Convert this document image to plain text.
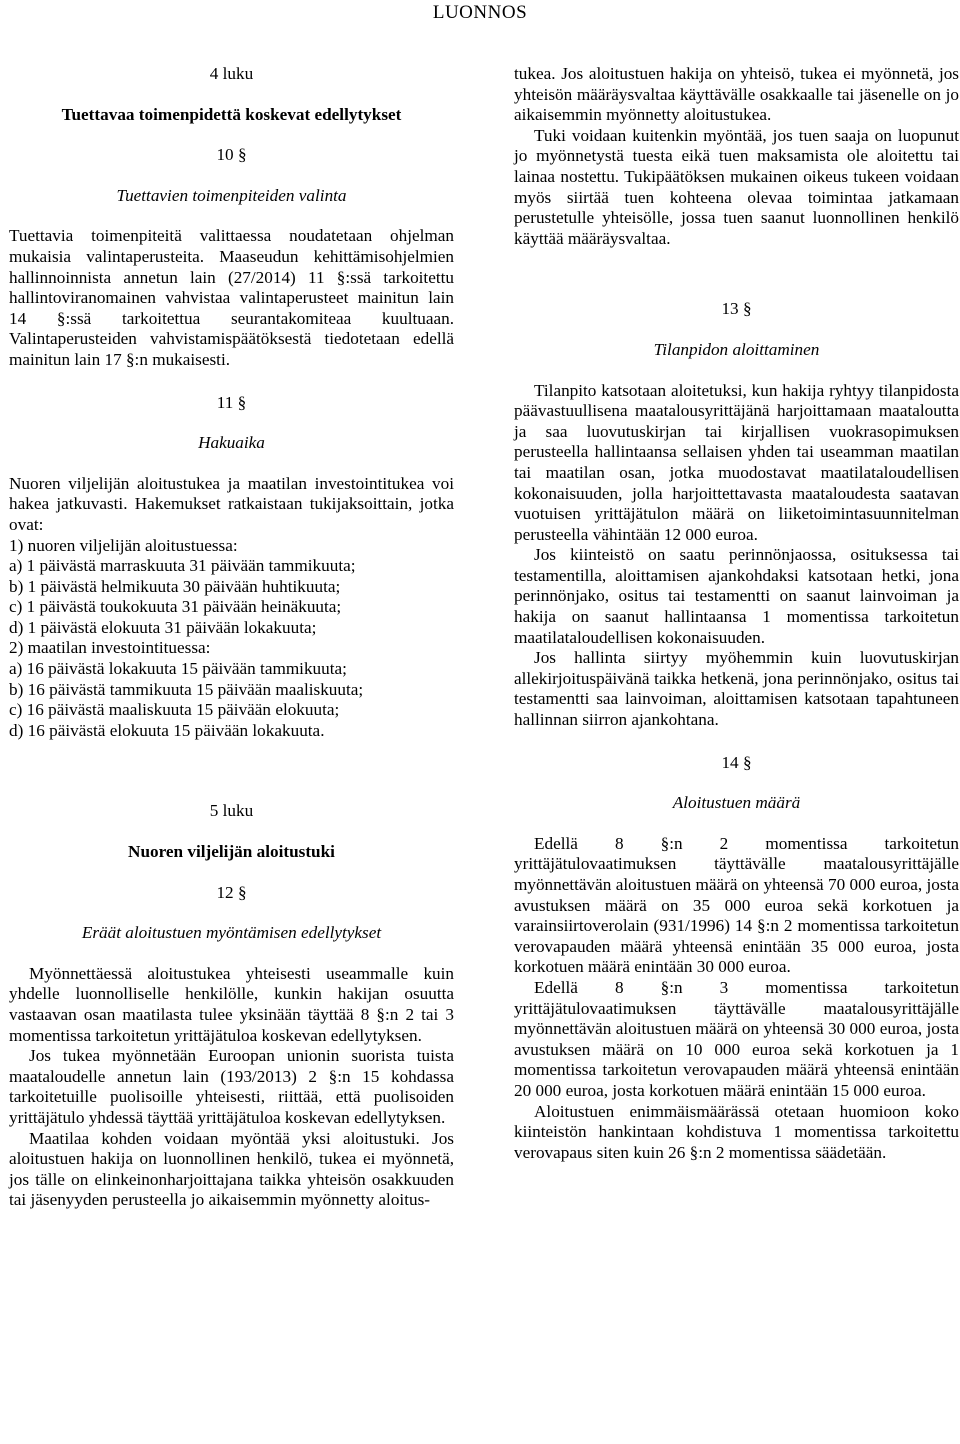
LUONNOS
4 luku
Tuettavaa toimenpidettä koskevat edellytykset
10 §
Tuettavien toimenpiteiden valinta

Tuettavia toimenpiteitä valittaessa noudatetaan ohjelman mukaisia valintaperusteita. Maaseudun kehittämisohjelmien hallinnoinnista annetun lain (27/2014) 11 §:ssä tarkoitettu hallintoviranomainen vahvistaa valintaperusteet mainitun lain 14 §:ssä tarkoitettua seurantakomiteaa kuultuaan. Valintaperusteiden vahvistamispäätöksestä tiedotetaan edellä mainitun lain 17 §:n mukaisesti.

11 §
Hakuaika

Nuoren viljelijän aloitustukea ja maatilan investointitukea voi hakea jatkuvasti. Hakemukset ratkaistaan tukijaksoittain, jotka ovat:

1) nuoren viljelijän aloitustuessa:
a) 1 päivästä marraskuuta 31 päivään tammikuuta;
b) 1 päivästä helmikuuta 30 päivään huhtikuuta;
c) 1 päivästä toukokuuta 31 päivään heinäkuuta;
d) 1 päivästä elokuuta 31 päivään lokakuuta;
2) maatilan investointituessa:
a) 16 päivästä lokakuuta 15 päivään tammikuuta;
b) 16 päivästä tammikuuta 15 päivään maaliskuuta;
c) 16 päivästä maaliskuuta 15 päivään elokuuta;
d) 16 päivästä elokuuta 15 päivään lokakuuta.
5 luku
Nuoren viljelijän aloitustuki
12 §
Eräät aloitustuen myöntämisen edellytykset

Myönnettäessä aloitustukea yhteisesti useammalle kuin yhdelle luonnolliselle henkilölle, kunkin hakijan osuutta vastaavan osan maatilasta tulee yksinään täyttää 8 §:n 2 tai 3 momentissa tarkoitetun yrittäjätuloa koskevan edellytyksen.

Jos tukea myönnetään Euroopan unionin suorista tuista maataloudelle annetun lain (193/2013) 2 §:n 15 kohdassa tarkoitetuille puolisoille yhteisesti, riittää, että puolisoiden yrittäjätulo yhdessä täyttää yrittäjätuloa koskevan edellytyksen.

Maatilaa kohden voidaan myöntää yksi aloitustuki. Jos aloitustuen hakija on luonnollinen henkilö, tukea ei myönnetä, jos tälle on elinkeinonharjoittajana taikka yhteisön osakkuuden tai jäsenyyden perusteella jo aikaisemmin myönnetty aloitus-

tukea. Jos aloitustuen hakija on yhteisö, tukea ei myönnetä, jos yhteisön määräysvaltaa käyttävälle osakkaalle tai jäsenelle on jo aikaisemmin myönnetty aloitustukea.

Tuki voidaan kuitenkin myöntää, jos tuen saaja on luopunut jo myönnetystä tuesta eikä tuen maksamista ole aloitettu tai lainaa nostettu. Tukipäätöksen mukainen oikeus tukeen voidaan myös siirtää tuen kohteena olevaa toimintaa jatkamaan perustetulle yhteisölle, jossa tuen saanut luonnollinen henkilö käyttää määräysvaltaa.

13 §
Tilanpidon aloittaminen

Tilanpito katsotaan aloitetuksi, kun hakija ryhtyy tilanpidosta päävastuullisena maatalousyrittäjänä harjoittamaan maataloutta ja saa luovutuskirjan tai kirjallisen vuokrasopimuksen perusteella hallintaansa sellaisen yhden tai useamman maatilan tai maatilan osan, jotka muodostavat maatilataloudellisen kokonaisuuden, jolla harjoittettavasta maataloudesta saatavan vuotuisen yrittäjätulon määrä on liiketoimintasuunnitelman perusteella vähintään 12 000 euroa.

Jos kiinteistö on saatu perinnönjaossa, osituksessa tai testamentilla, aloittamisen ajankohdaksi katsotaan hetki, jona perinnönjako, ositus tai testamentti on saanut lainvoiman ja hakija on saanut hallintaansa 1 momentissa tarkoitetun maatilataloudellisen kokonaisuuden.

Jos hallinta siirtyy myöhemmin kuin luovutuskirjan allekirjoituspäivänä taikka hetkenä, jona perinnönjako, ositus tai testamentti saa lainvoiman, aloittamisen katsotaan tapahtuneen hallinnan siirron ajankohtana.

14 §
Aloitustuen määrä

Edellä 8 §:n 2 momentissa tarkoitetun yrittäjätulovaatimuksen täyttävälle maatalousyrittäjälle myönnettävän aloitustuen määrä on yhteensä 70 000 euroa, josta avustuksen määrä on 35 000 euroa sekä korkotuen ja varainsiirtoverolain (931/1996) 14 §:n 2 momentissa tarkoitetun verovapauden määrä yhteensä enintään 35 000 euroa, josta korkotuen määrä enintään 30 000 euroa.

Edellä 8 §:n 3 momentissa tarkoitetun yrittäjätulovaatimuksen täyttävälle maatalousyrittäjälle myönnettävän aloitustuen määrä on yhteensä 30 000 euroa, josta avustuksen määrä on 10 000 euroa sekä korkotuen ja 1 momentissa tarkoitetun verovapauden määrä yhteensä enintään 20 000 euroa, josta korkotuen määrä enintään 15 000 euroa.

Aloitustuen enimmäismäärässä otetaan huomioon koko kiinteistön hankintaan kohdistuva 1 momentissa tarkoitettu verovapaus siten kuin 26 §:n 2 momentissa säädetään.
